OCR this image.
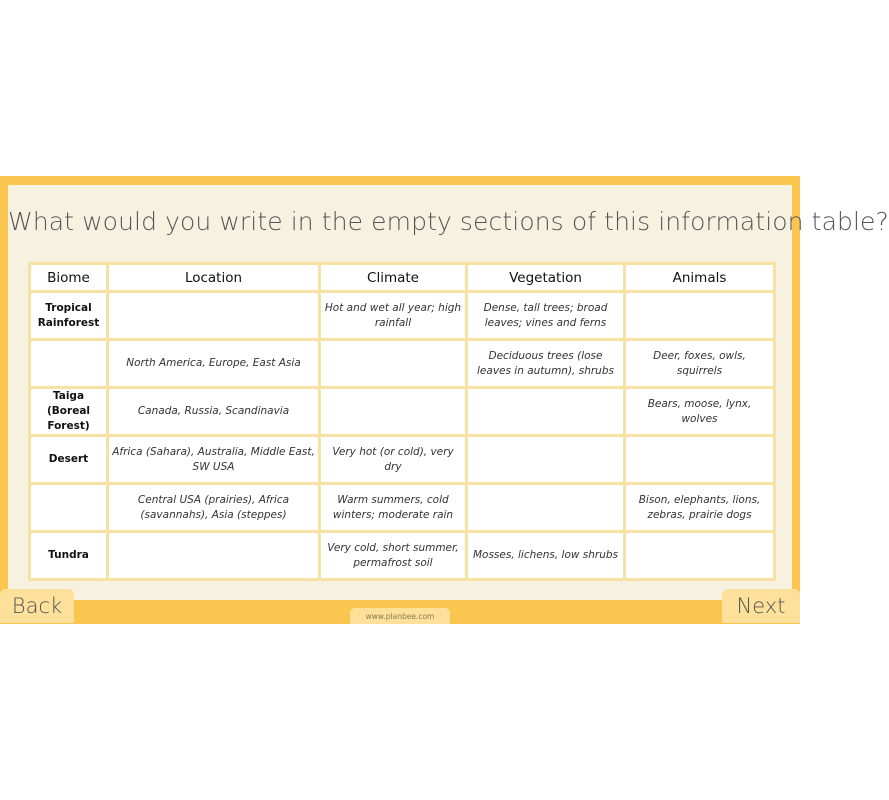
What would you write in the empty sections of this information table?
Biome	Location	Climate	Vegetation	Animals
Tropical Rainforest		Hot and wet all year; high rainfall	Dense, tall trees; broad leaves; vines and ferns	
	North America, Europe, East Asia		Deciduous trees (lose leaves in autumn), shrubs	Deer, foxes, owls, squirrels
Taiga (Boreal Forest)	Canada, Russia, Scandinavia			Bears, moose, lynx, wolves
Desert	Africa (Sahara), Australia, Middle East, SW USA	Very hot (or cold), very dry		
	Central USA (prairies), Africa (savannahs), Asia (steppes)	Warm summers, cold winters; moderate rain		Bison, elephants, lions, zebras, prairie dogs
Tundra		Very cold, short summer, permafrost soil	Mosses, lichens, low shrubs	
Back	www.planbee.com	Next
